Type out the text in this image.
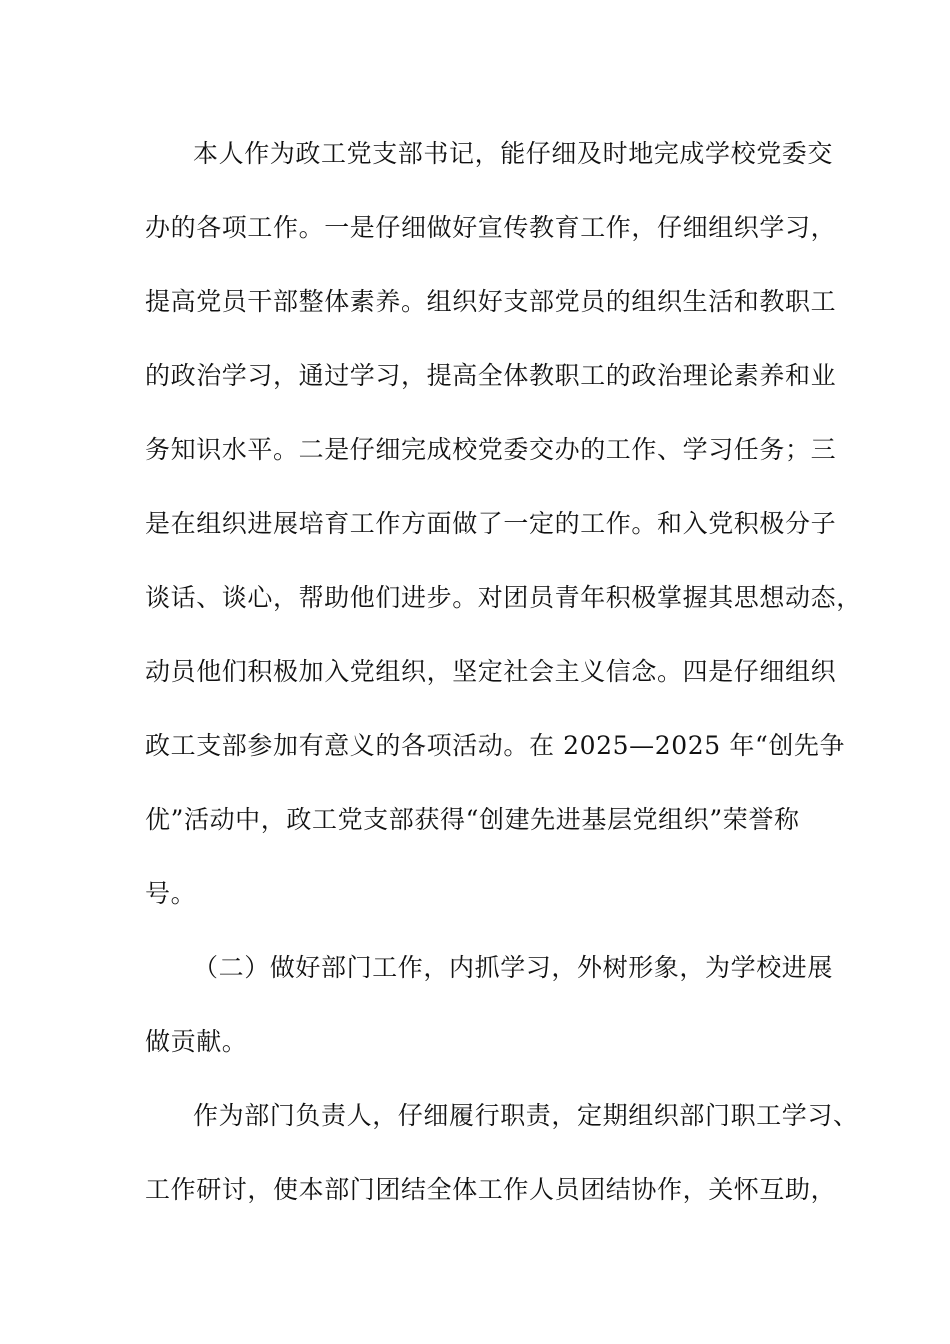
本人作为政工党支部书记，能仔细及时地完成学校党委交
办的各项工作。一是仔细做好宣传教育工作，仔细组织学习，
提高党员干部整体素养。组织好支部党员的组织生活和教职工
的政治学习，通过学习，提高全体教职工的政治理论素养和业
务知识水平。二是仔细完成校党委交办的工作、学习任务；三
是在组织进展培育工作方面做了一定的工作。和入党积极分子
谈话、谈心，帮助他们进步。对团员青年积极掌握其思想动态，
动员他们积极加入党组织，坚定社会主义信念。四是仔细组织
政工支部参加有意义的各项活动。在 2025—2025 年“创先争
优”活动中，政工党支部获得“创建先进基层党组织”荣誉称
号。
（二）做好部门工作，内抓学习，外树形象，为学校进展
做贡献。
作为部门负责人，仔细履行职责，定期组织部门职工学习、
工作研讨，使本部门团结全体工作人员团结协作，关怀互助，
